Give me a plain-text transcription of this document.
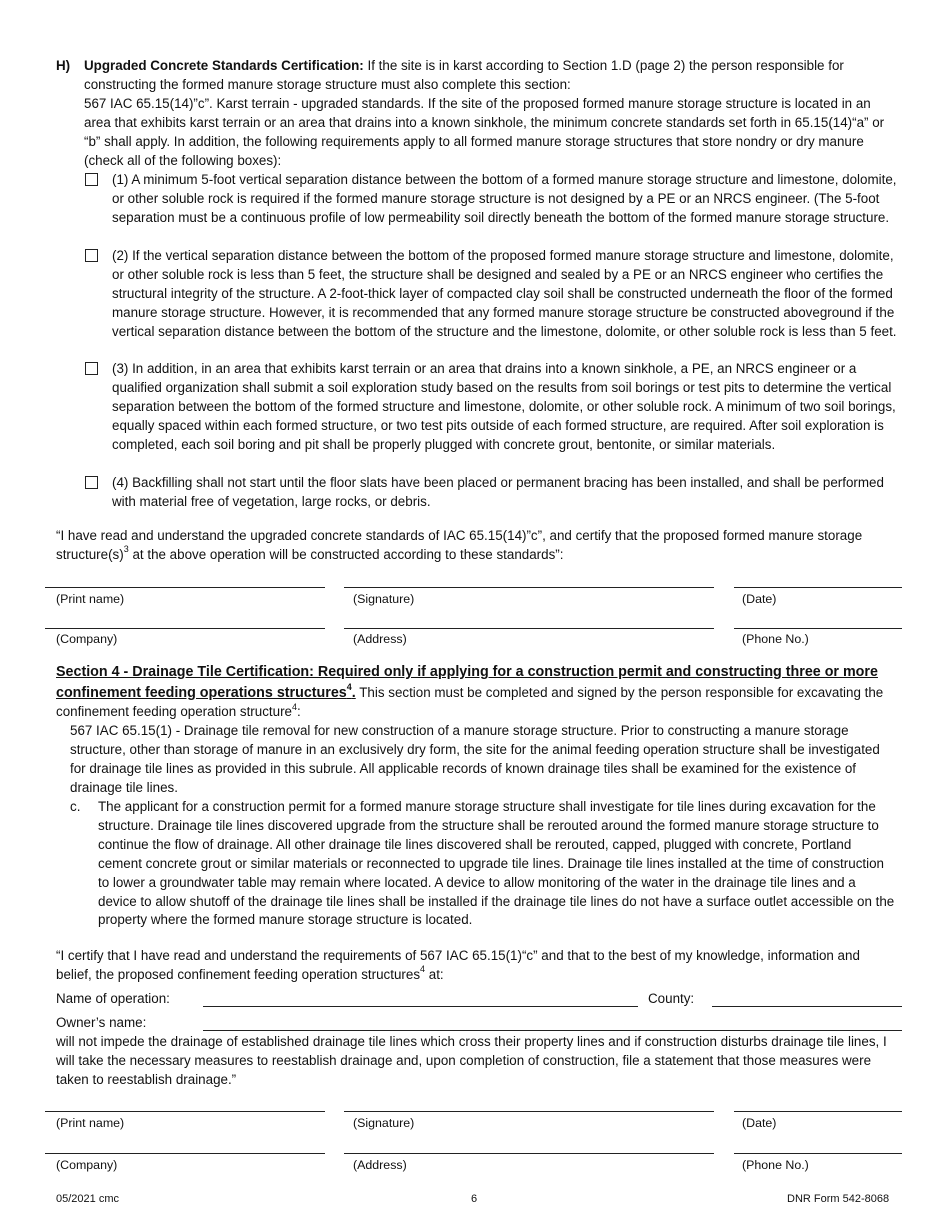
H) Upgraded Concrete Standards Certification: If the site is in karst according to Section 1.D (page 2) the person responsible for constructing the formed manure storage structure must also complete this section:

567 IAC 65.15(14)”c”. Karst terrain - upgraded standards. If the site of the proposed formed manure storage structure is located in an area that exhibits karst terrain or an area that drains into a known sinkhole, the minimum concrete standards set forth in 65.15(14)“a” or “b” shall apply. In addition, the following requirements apply to all formed manure storage structures that store nondry or dry manure (check all of the following boxes):

(1) A minimum 5-foot vertical separation distance between the bottom of a formed manure storage structure and limestone, dolomite, or other soluble rock is required if the formed manure storage structure is not designed by a PE or an NRCS engineer. (The 5-foot separation must be a continuous profile of low permeability soil directly beneath the bottom of the formed manure storage structure.

(2) If the vertical separation distance between the bottom of the proposed formed manure storage structure and limestone, dolomite, or other soluble rock is less than 5 feet, the structure shall be designed and sealed by a PE or an NRCS engineer who certifies the structural integrity of the structure. A 2-foot-thick layer of compacted clay soil shall be constructed underneath the floor of the formed manure storage structure. However, it is recommended that any formed manure storage structure be constructed aboveground if the vertical separation distance between the bottom of the structure and the limestone, dolomite, or other soluble rock is less than 5 feet.

(3) In addition, in an area that exhibits karst terrain or an area that drains into a known sinkhole, a PE, an NRCS engineer or a qualified organization shall submit a soil exploration study based on the results from soil borings or test pits to determine the vertical separation between the bottom of the formed structure and limestone, dolomite, or other soluble rock. A minimum of two soil borings, equally spaced within each formed structure, or two test pits outside of each formed structure, are required. After soil exploration is completed, each soil boring and pit shall be properly plugged with concrete grout, bentonite, or similar materials.

(4) Backfilling shall not start until the floor slats have been placed or permanent bracing has been installed, and shall be performed with material free of vegetation, large rocks, or debris.

“I have read and understand the upgraded concrete standards of IAC 65.15(14)”c”, and certify that the proposed formed manure storage $structure(s)^3$ at the above operation will be constructed according to these standards”:

(Print name)	(Signature)	(Date)
(Company)	(Address)	(Phone No.)

Section 4 - Drainage Tile Certification: Required only if applying for a construction permit and constructing three or more confinement feeding operations structures$^4$. This section must be completed and signed by the person responsible for excavating the confinement feeding operation structure$^4$:

567 IAC 65.15(1) - Drainage tile removal for new construction of a manure storage structure. Prior to constructing a manure storage structure, other than storage of manure in an exclusively dry form, the site for the animal feeding operation structure shall be investigated for drainage tile lines as provided in this subrule. All applicable records of known drainage tiles shall be examined for the existence of drainage tile lines.

c. The applicant for a construction permit for a formed manure storage structure shall investigate for tile lines during excavation for the structure. Drainage tile lines discovered upgrade from the structure shall be rerouted around the formed manure storage structure to continue the flow of drainage. All other drainage tile lines discovered shall be rerouted, capped, plugged with concrete, Portland cement concrete grout or similar materials or reconnected to upgrade tile lines. Drainage tile lines installed at the time of construction to lower a groundwater table may remain where located. A device to allow monitoring of the water in the drainage tile lines and a device to allow shutoff of the drainage tile lines shall be installed if the drainage tile lines do not have a surface outlet accessible on the property where the formed manure storage structure is located.

“I certify that I have read and understand the requirements of 567 IAC 65.15(1)“c” and that to the best of my knowledge, information and belief, the proposed confinement feeding operation structures$^4$ at:

Name of operation:	County:
Owner’s name:

will not impede the drainage of established drainage tile lines which cross their property lines and if construction disturbs drainage tile lines, I will take the necessary measures to reestablish drainage and, upon completion of construction, file a statement that those measures were taken to reestablish drainage.”

(Print name)	(Signature)	(Date)
(Company)	(Address)	(Phone No.)
05/2021 cmc	6	DNR Form 542-8068
